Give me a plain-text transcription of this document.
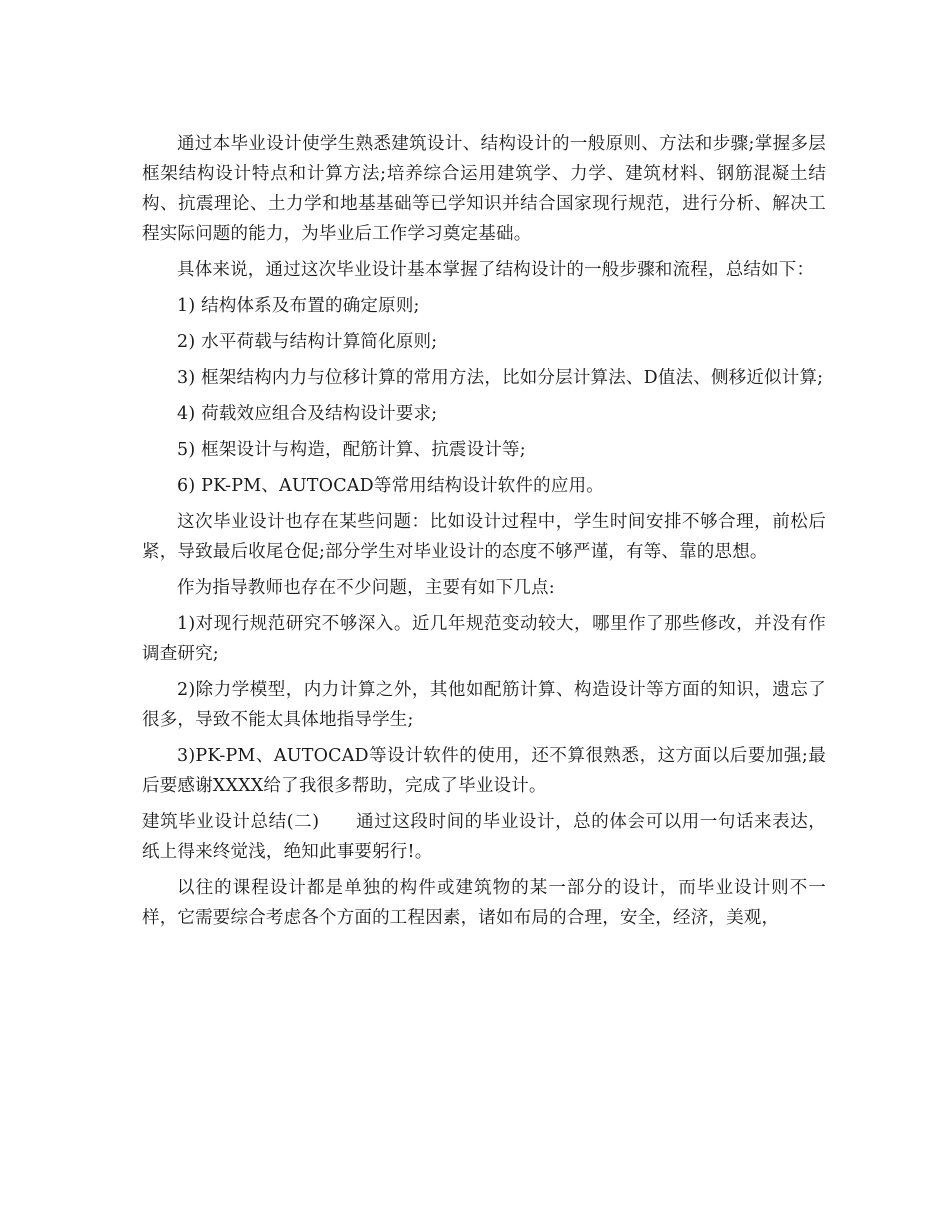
通过本毕业设计使学生熟悉建筑设计、结构设计的一般原则、方法和步骤;掌握多层框架结构设计特点和计算方法;培养综合运用建筑学、力学、建筑材料、钢筋混凝土结构、抗震理论、土力学和地基基础等已学知识并结合国家现行规范，进行分析、解决工程实际问题的能力，为毕业后工作学习奠定基础。

具体来说，通过这次毕业设计基本掌握了结构设计的一般步骤和流程，总结如下：

1) 结构体系及布置的确定原则;

2) 水平荷载与结构计算简化原则;

3) 框架结构内力与位移计算的常用方法，比如分层计算法、D值法、侧移近似计算;

4) 荷载效应组合及结构设计要求;

5) 框架设计与构造，配筋计算、抗震设计等;

6) PK-PM、AUTOCAD等常用结构设计软件的应用。

这次毕业设计也存在某些问题：比如设计过程中，学生时间安排不够合理，前松后紧，导致最后收尾仓促;部分学生对毕业设计的态度不够严谨，有等、靠的思想。

作为指导教师也存在不少问题，主要有如下几点:

1)对现行规范研究不够深入。近几年规范变动较大，哪里作了那些修改，并没有作调查研究;

2)除力学模型，内力计算之外，其他如配筋计算、构造设计等方面的知识，遗忘了很多，导致不能太具体地指导学生;

3)PK-PM、AUTOCAD等设计软件的使用，还不算很熟悉，这方面以后要加强;最后要感谢XXXX给了我很多帮助，完成了毕业设计。

建筑毕业设计总结(二) 通过这段时间的毕业设计，总的体会可以用一句话来表达，纸上得来终觉浅，绝知此事要躬行!。

以往的课程设计都是单独的构件或建筑物的某一部分的设计，而毕业设计则不一样，它需要综合考虑各个方面的工程因素，诸如布局的合理，安全，经济，美观，
